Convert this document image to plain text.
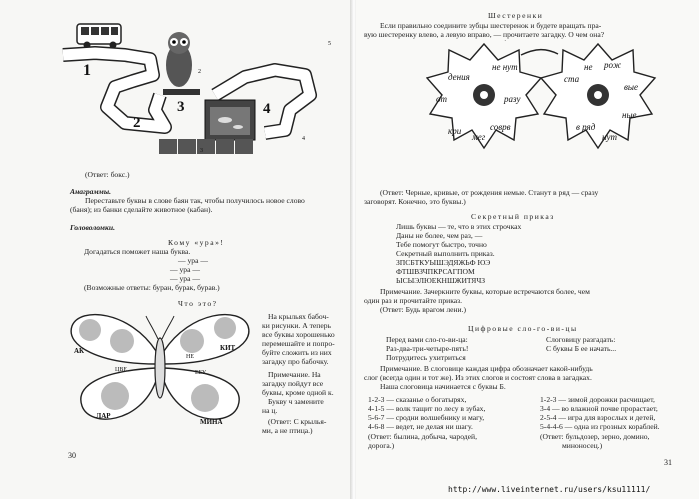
1
2
3	4
5
2
3
4
(Ответ: бокс.)
Анаграммы.
Переставьте буквы в слове баян так, чтобы получилось новое слово
(баня); из банки сделайте животное (кабан).
Головоломки.
Кому «ура»!
Догадаться поможет наша буква.
— ура —
— ура —
— ура —
(Возможные ответы: буран, бурак, бурав.)
Что это?
АК
ЛАР
ЦВЕ
НЕ
КИТ
МИНА
ЕБУ
На крыльях бабоч-
ки рисунки. А теперь
все буквы хорошенько
перемешайте и попро-
буйте сложить из них
загадку про бабочку.
Примечание. На
загадку пойдут все
буквы, кроме одной к.
Букву ч замените
на ц.
(Ответ: С крылья-
ми, а не птица.)
30
Шестеренки
Если правильно соедините зубцы шестеренок и будете вращать пра-
вую шестеренку влево, а левую вправо, — прочитаете загадку. О чем она?
дения
не нут
от	разу
кри
мег
соврв
ста
не рож
вые
ные
в ряд
нут
(Ответ: Черные, кривые, от рождения немые. Станут в ряд — сразу
заговорят. Конечно, это буквы.)
Секретный приказ
Лишь буквы — те, что в этих строчках
Даны не более, чем раз, —
Тебе помогут быстро, точно
Секретный выполнить приказ.
ЗПСБТКУЫШЭДЯЖЬФ ЮЭ
ФТШВЗЧПКРСАГПОМ
ЫСЫЭЛЮЕКНШЖИТЯЧЗ
Примечание. Зачеркните буквы, которые встречаются более, чем
один раз и прочитайте приказ.
(Ответ: Будь врагом лени.)
Цифровые сло-го-ви-цы
Перед вами сло-го-ви-ца:
Раз-два-три-четыре-пять!
Потрудитесь ухитриться
Слоговицу разгадать:
С буквы Б ее начать...
Примечание. В слоговице каждая цифра обозначает какой-нибудь
слог (всегда один и тот же). Из этих слогов и состоят слова в загадках.
Наша слоговица начинается с буквы Б.
1-2-3 — сказанье о богатырях,
4-1-5 — волк тащит по лесу в зубах,
5-6-7 — сродни волшебнику и магу,
4-6-8 — ведет, не делая ни шагу.
(Ответ: былина, добыча, чародей,
дорога.)
1-2-3 — зимой дорожки расчищает,
3-4 — во влажной почве прорастает,
2-5-4 — игра для взрослых и детей,
5-4-4-6 — одна из грозных кораблей.
(Ответ: бульдозер, зерно, домино,
миноносец.)
31
http://www.liveinternet.ru/users/ksu11111/
